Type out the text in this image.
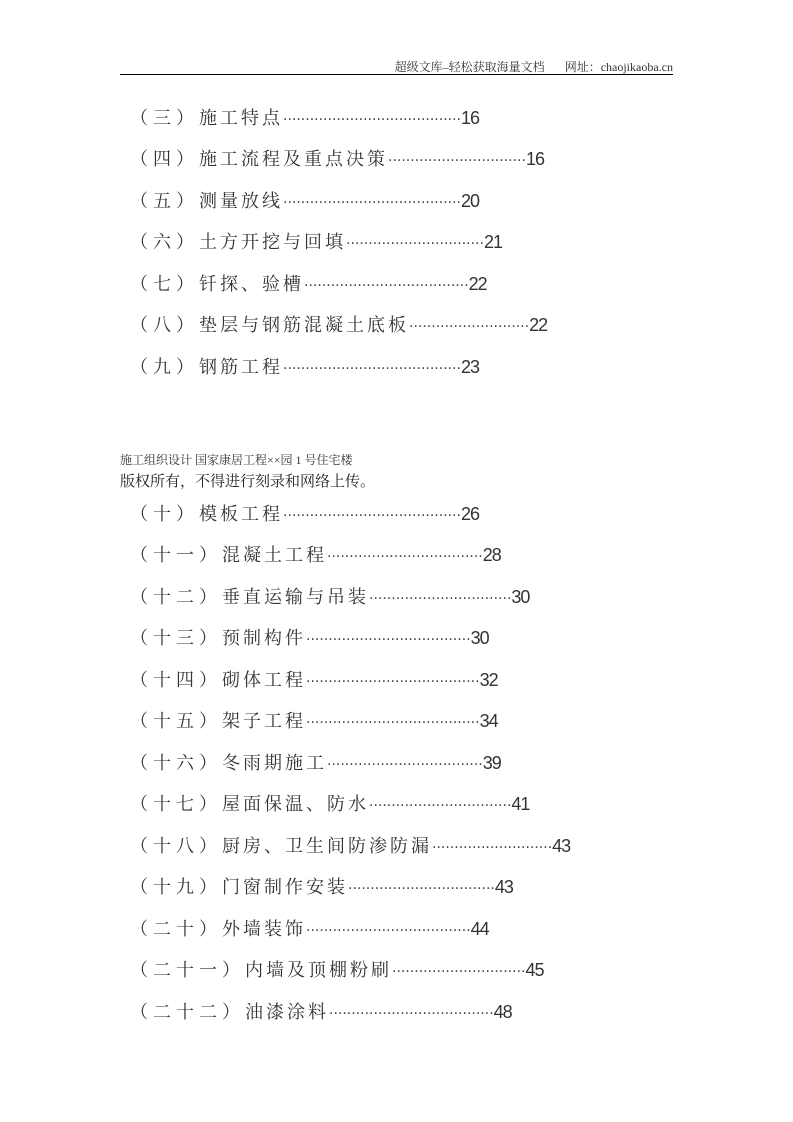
超级文库–轻松获取海量文档 网址：chaojikaoba.cn
（三）施工特点········································16
（四）施工流程及重点决策·······························16
（五）测量放线········································20
（六）土方开挖与回填·······························21
（七）钎探、验槽·····································22
（八）垫层与钢筋混凝土底板···························22
（九）钢筋工程········································23
施工组织设计 国家康居工程××园 1 号住宅楼
版权所有，不得进行刻录和网络上传。
（十）模板工程········································26
（十一）混凝土工程···································28
（十二）垂直运输与吊装································30
（十三）预制构件·····································30
（十四）砌体工程·······································32
（十五）架子工程·······································34
（十六）冬雨期施工···································39
（十七）屋面保温、防水································41
（十八）厨房、卫生间防渗防漏···························43
（十九）门窗制作安装·································43
（二十）外墙装饰·····································44
（二十一）内墙及顶棚粉刷······························45
（二十二）油漆涂料·····································48
